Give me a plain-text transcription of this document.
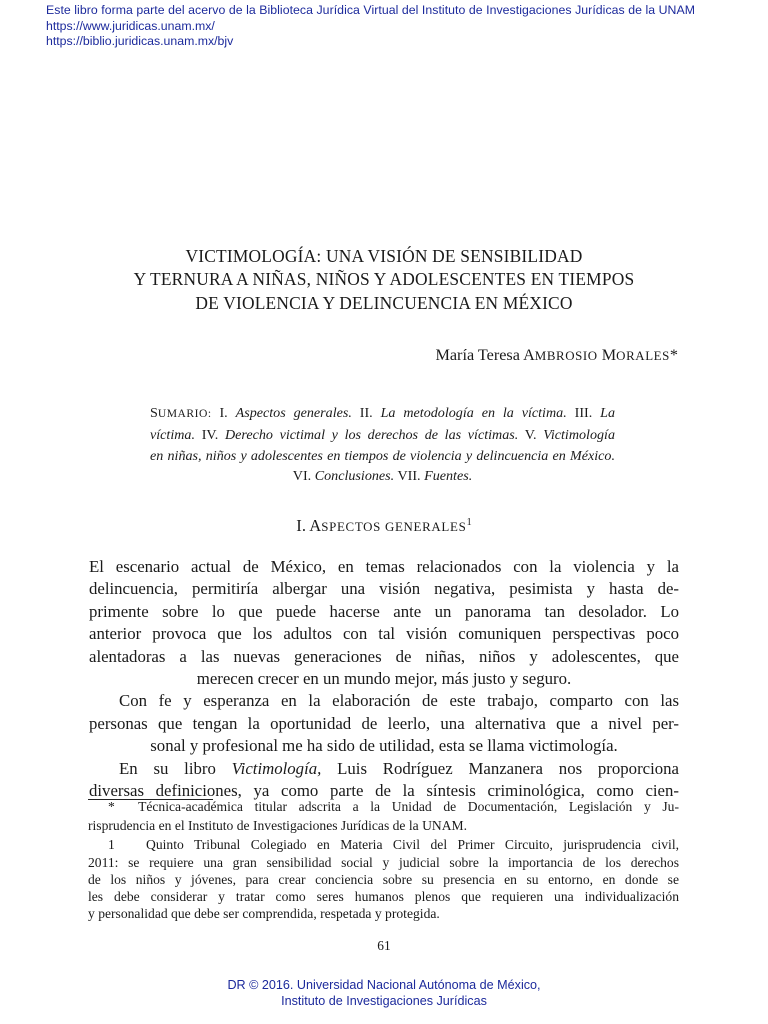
Este libro forma parte del acervo de la Biblioteca Jurídica Virtual del Instituto de Investigaciones Jurídicas de la UNAM
https://www.juridicas.unam.mx/
https://biblio.juridicas.unam.mx/bjv
VICTIMOLOGÍA: UNA VISIÓN DE SENSIBILIDAD
Y TERNURA A NIÑAS, NIÑOS Y ADOLESCENTES EN TIEMPOS
DE VIOLENCIA Y DELINCUENCIA EN MÉXICO
María Teresa AMBROSIO MORALES*
SUMARIO: I. Aspectos generales. II. La metodología en la víctima. III. La
víctima. IV. Derecho victimal y los derechos de las víctimas. V. Victimología
en niñas, niños y adolescentes en tiempos de violencia y delincuencia en México.
VI. Conclusiones. VII. Fuentes.
I. ASPECTOS GENERALES$^1$
El escenario actual de México, en temas relacionados con la violencia y la
delincuencia, permitiría albergar una visión negativa, pesimista y hasta de-
primente sobre lo que puede hacerse ante un panorama tan desolador. Lo
anterior provoca que los adultos con tal visión comuniquen perspectivas poco
alentadoras a las nuevas generaciones de niñas, niños y adolescentes, que
merecen crecer en un mundo mejor, más justo y seguro.
Con fe y esperanza en la elaboración de este trabajo, comparto con las
personas que tengan la oportunidad de leerlo, una alternativa que a nivel per-
sonal y profesional me ha sido de utilidad, esta se llama victimología.
En su libro Victimología, Luis Rodríguez Manzanera nos proporciona
diversas definiciones, ya como parte de la síntesis criminológica, como cien-
* Técnica-académica titular adscrita a la Unidad de Documentación, Legislación y Ju-
risprudencia en el Instituto de Investigaciones Jurídicas de la UNAM.
1 Quinto Tribunal Colegiado en Materia Civil del Primer Circuito, jurisprudencia civil,
2011: se requiere una gran sensibilidad social y judicial sobre la importancia de los derechos
de los niños y jóvenes, para crear conciencia sobre su presencia en su entorno, en donde se
les debe considerar y tratar como seres humanos plenos que requieren una individualización
y personalidad que debe ser comprendida, respetada y protegida.
61
DR © 2016. Universidad Nacional Autónoma de México,
Instituto de Investigaciones Jurídicas
